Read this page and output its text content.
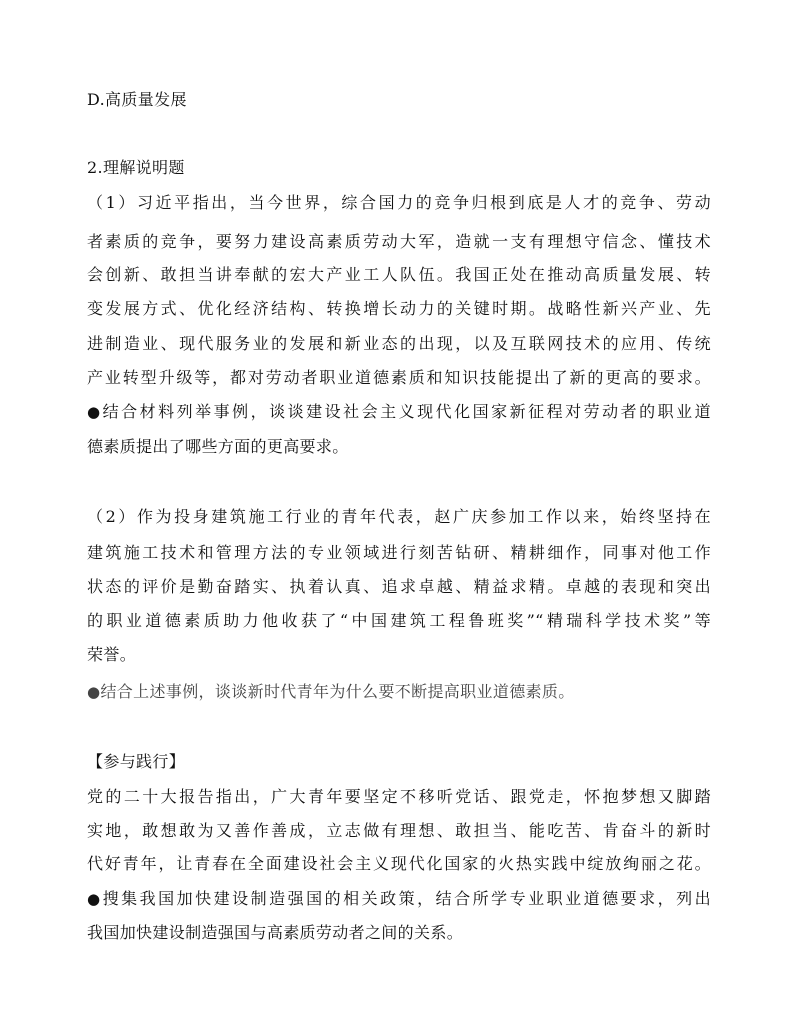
D.高质量发展
2.理解说明题
（1）习近平指出，当今世界，综合国力的竞争归根到底是人才的竞争、劳动
者素质的竞争，要努力建设高素质劳动大军，造就一支有理想守信念、懂技术
会创新、敢担当讲奉献的宏大产业工人队伍。我国正处在推动高质量发展、转
变发展方式、优化经济结构、转换增长动力的关键时期。战略性新兴产业、先
进制造业、现代服务业的发展和新业态的出现，以及互联网技术的应用、传统
产业转型升级等，都对劳动者职业道德素质和知识技能提出了新的更高的要求。
●结合材料列举事例，谈谈建设社会主义现代化国家新征程对劳动者的职业道
德素质提出了哪些方面的更高要求。
（2）作为投身建筑施工行业的青年代表，赵广庆参加工作以来，始终坚持在
建筑施工技术和管理方法的专业领域进行刻苦钻研、精耕细作，同事对他工作
状态的评价是勤奋踏实、执着认真、追求卓越、精益求精。卓越的表现和突出
的职业道德素质助力他收获了“中国建筑工程鲁班奖”“精瑞科学技术奖”等
荣誉。
●结合上述事例，谈谈新时代青年为什么要不断提高职业道德素质。
【参与践行】
党的二十大报告指出，广大青年要坚定不移听党话、跟党走，怀抱梦想又脚踏
实地，敢想敢为又善作善成，立志做有理想、敢担当、能吃苦、肯奋斗的新时
代好青年，让青春在全面建设社会主义现代化国家的火热实践中绽放绚丽之花。
●搜集我国加快建设制造强国的相关政策，结合所学专业职业道德要求，列出
我国加快建设制造强国与高素质劳动者之间的关系。
